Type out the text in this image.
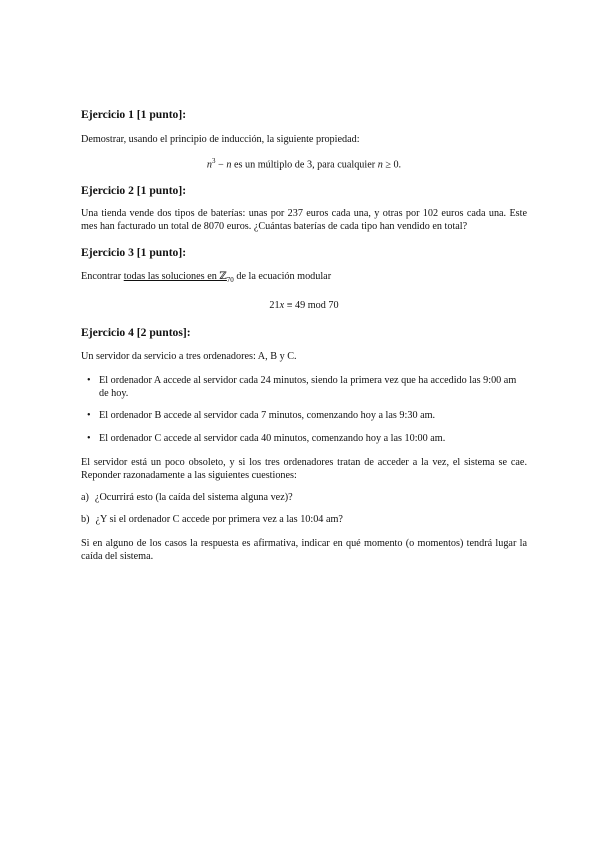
Ejercicio 1 [1 punto]:

Demostrar, usando el principio de inducción, la siguiente propiedad:

$n^3 - n$ es un múltiplo de 3, para cualquier n ≥ 0.

Ejercicio 2 [1 punto]:

Una tienda vende dos tipos de baterías: unas por 237 euros cada una, y otras por 102 euros cada una. Este mes han facturado un total de 8070 euros. ¿Cuántas baterías de cada tipo han vendido en total?

Ejercicio 3 [1 punto]:

Encontrar todas las soluciones en ℤ$_{70}$ de la ecuación modular

21x ≡ 49 mod 70

Ejercicio 4 [2 puntos]:

Un servidor da servicio a tres ordenadores: A, B y C.

• El ordenador A accede al servidor cada 24 minutos, siendo la primera vez que ha accedido las 9:00 am de hoy.
• El ordenador B accede al servidor cada 7 minutos, comenzando hoy a las 9:30 am.
• El ordenador C accede al servidor cada 40 minutos, comenzando hoy a las 10:00 am.

El servidor está un poco obsoleto, y si los tres ordenadores tratan de acceder a la vez, el sistema se cae. Reponder razonadamente a las siguientes cuestiones:

a) ¿Ocurrirá esto (la caída del sistema alguna vez)?

b) ¿Y si el ordenador C accede por primera vez a las 10:04 am?

Si en alguno de los casos la respuesta es afirmativa, indicar en qué momento (o momentos) tendrá lugar la caída del sistema.
